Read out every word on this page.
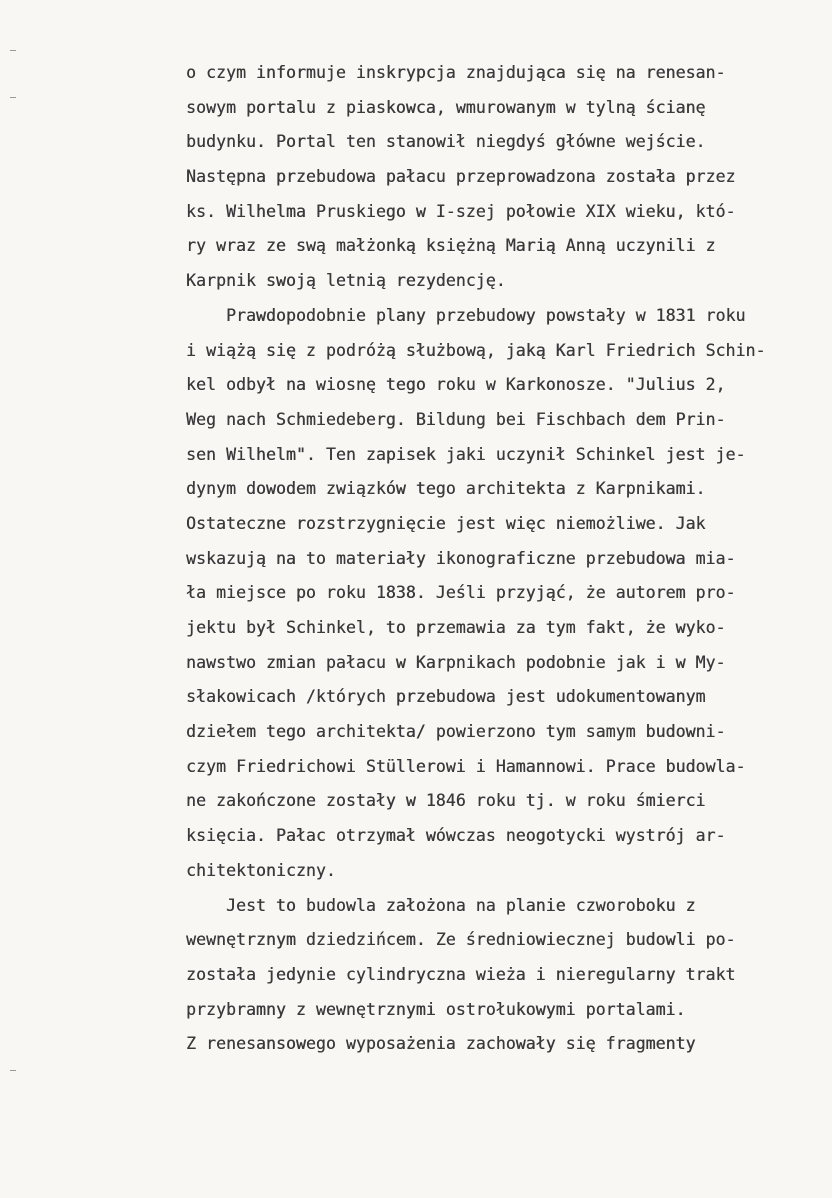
o czym informuje inskrypcja znajdująca się na renesan-
sowym portalu z piaskowca, wmurowanym w tylną ścianę
budynku. Portal ten stanowił niegdyś główne wejście.
Następna przebudowa pałacu przeprowadzona została przez
ks. Wilhelma Pruskiego w I-szej połowie XIX wieku, któ-
ry wraz ze swą małżonką księżną Marią Anną uczynili z
Karpnik swoją letnią rezydencję.
Prawdopodobnie plany przebudowy powstały w 1831 roku
i wiążą się z podróżą służbową, jaką Karl Friedrich Schin-
kel odbył na wiosnę tego roku w Karkonosze. "Julius 2,
Weg nach Schmiedeberg. Bildung bei Fischbach dem Prin-
sen Wilhelm". Ten zapisek jaki uczynił Schinkel jest je-
dynym dowodem związków tego architekta z Karpnikami.
Ostateczne rozstrzygnięcie jest więc niemożliwe. Jak
wskazują na to materiały ikonograficzne przebudowa mia-
ła miejsce po roku 1838. Jeśli przyjąć, że autorem pro-
jektu był Schinkel, to przemawia za tym fakt, że wyko-
nawstwo zmian pałacu w Karpnikach podobnie jak i w My-
słakowicach /których przebudowa jest udokumentowanym
dziełem tego architekta/ powierzono tym samym budowni-
czym Friedrichowi Stüllerowi i Hamannowi. Prace budowla-
ne zakończone zostały w 1846 roku tj. w roku śmierci
księcia. Pałac otrzymał wówczas neogotycki wystrój ar-
chitektoniczny.
Jest to budowla założona na planie czworoboku z
wewnętrznym dziedzińcem. Ze średniowiecznej budowli po-
została jedynie cylindryczna wieża i nieregularny trakt
przybramny z wewnętrznymi ostrołukowymi portalami.
Z renesansowego wyposażenia zachowały się fragmenty
